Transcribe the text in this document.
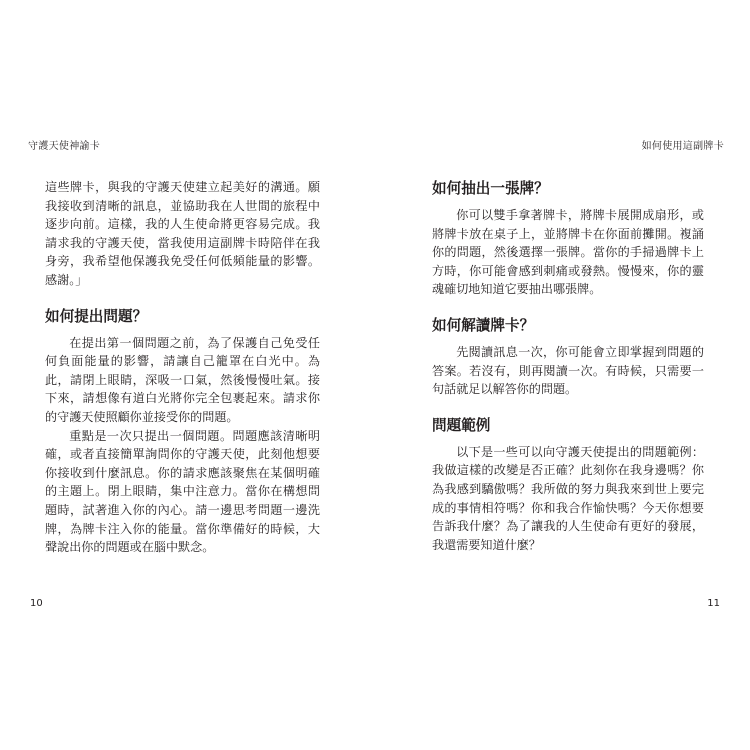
守護天使神諭卡

這些牌卡，與我的守護天使建立起美好的溝通。願我接收到清晰的訊息，並協助我在人世間的旅程中逐步向前。這樣，我的人生使命將更容易完成。我請求我的守護天使，當我使用這副牌卡時陪伴在我身旁，我希望他保護我免受任何低頻能量的影響。感謝。」

如何提出問題？

在提出第一個問題之前，為了保護自己免受任何負面能量的影響，請讓自己籠罩在白光中。為此，請閉上眼睛，深吸一口氣，然後慢慢吐氣。接下來，請想像有道白光將你完全包裹起來。請求你的守護天使照顧你並接受你的問題。

重點是一次只提出一個問題。問題應該清晰明確，或者直接簡單詢問你的守護天使，此刻他想要你接收到什麼訊息。你的請求應該聚焦在某個明確的主題上。閉上眼睛，集中注意力。當你在構想問題時，試著進入你的內心。請一邊思考問題一邊洗牌，為牌卡注入你的能量。當你準備好的時候，大聲說出你的問題或在腦中默念。

10
如何使用這副牌卡
如何抽出一張牌？

你可以雙手拿著牌卡，將牌卡展開成扇形，或將牌卡放在桌子上，並將牌卡在你面前攤開。複誦你的問題，然後選擇一張牌。當你的手掃過牌卡上方時，你可能會感到刺痛或發熱。慢慢來，你的靈魂確切地知道它要抽出哪張牌。

如何解讀牌卡？

先閱讀訊息一次，你可能會立即掌握到問題的答案。若沒有，則再閱讀一次。有時候，只需要一句話就足以解答你的問題。

問題範例

以下是一些可以向守護天使提出的問題範例：我做這樣的改變是否正確？此刻你在我身邊嗎？你為我感到驕傲嗎？我所做的努力與我來到世上要完成的事情相符嗎？你和我合作愉快嗎？今天你想要告訴我什麼？為了讓我的人生使命有更好的發展，我還需要知道什麼？

11
